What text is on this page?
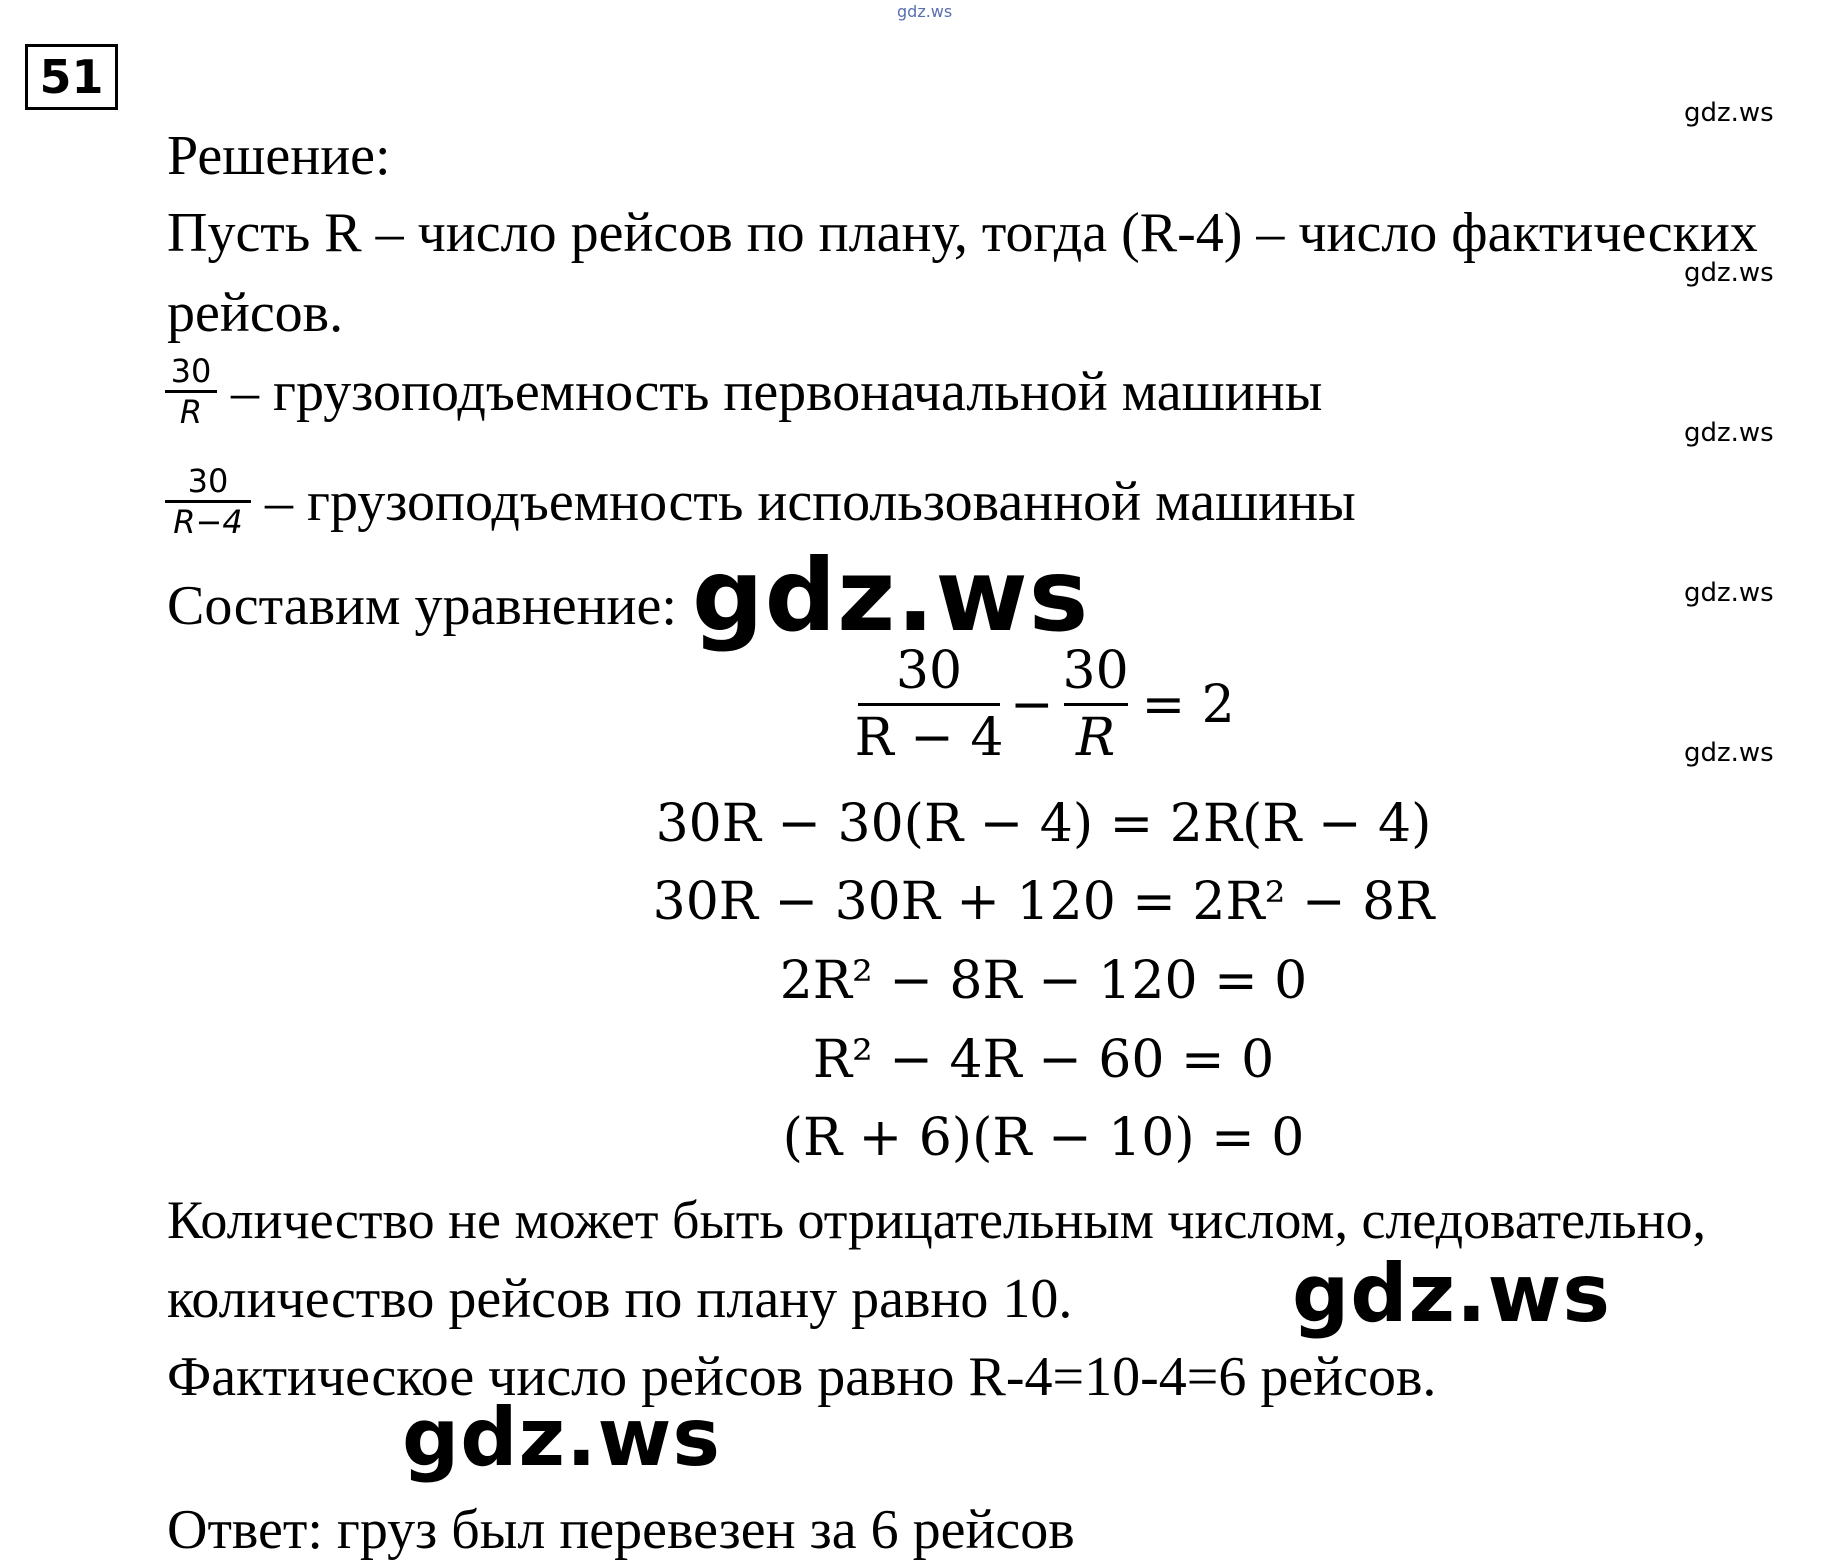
gdz.ws
51
gdz.ws
gdz.ws
gdz.ws
gdz.ws
gdz.ws
Решение:
Пусть R – число рейсов по плану, тогда (R-4) – число фактических
рейсов.
$\frac{30}{R}$ – грузоподъемность первоначальной машины
$\frac{30}{R-4}$ – грузоподъемность использованной машины
Составим уравнение: gdz.ws
$\frac{30}{R - 4} - \frac{30}{R} = 2$
30R − 30(R − 4) = 2R(R − 4)
30R − 30R + 120 = 2R² − 8R
2R² − 8R − 120 = 0
R² − 4R − 60 = 0
(R + 6)(R − 10) = 0
Количество не может быть отрицательным числом, следовательно,
количество рейсов по плану равно 10.	gdz.ws
Фактическое число рейсов равно R-4=10-4=6 рейсов.
gdz.ws
Ответ: груз был перевезен за 6 рейсов
